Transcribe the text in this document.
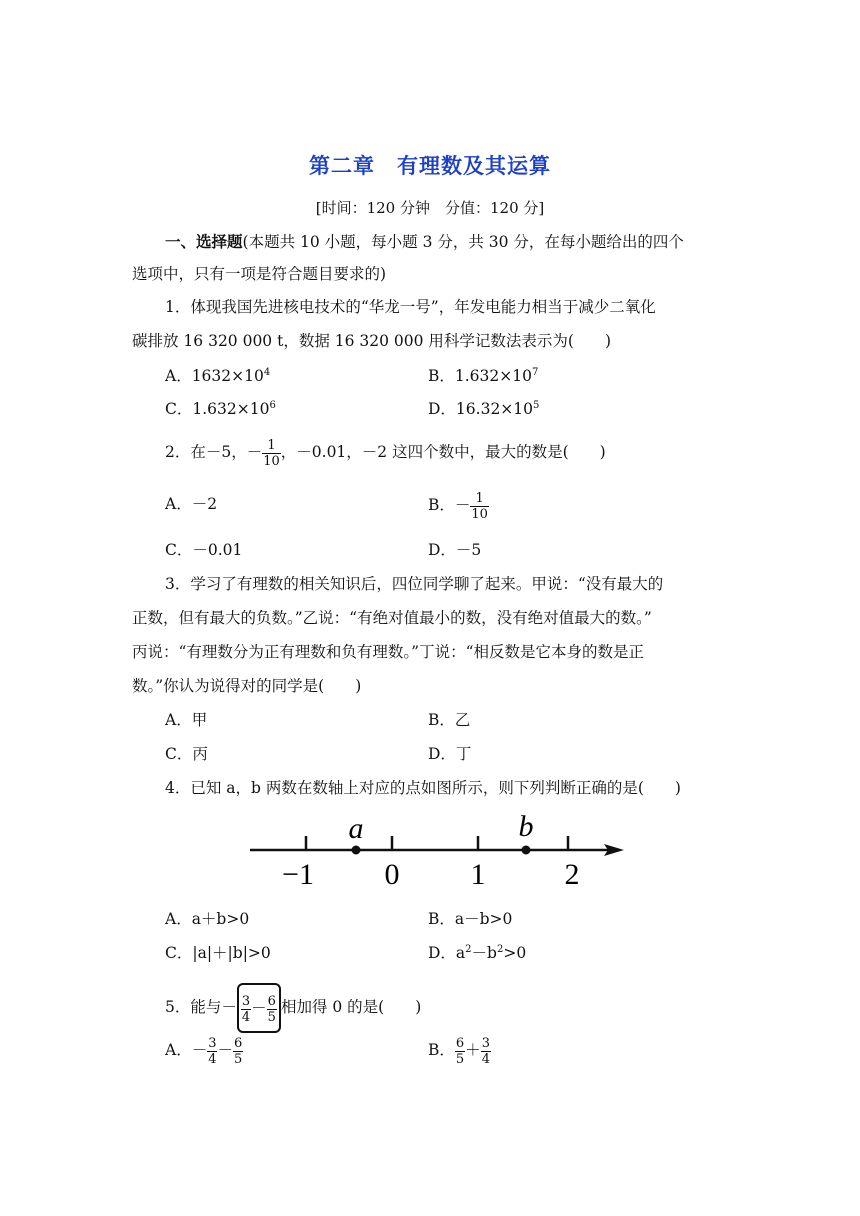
第二章　有理数及其运算
[时间：120 分钟　分值：120 分]
一、选择题(本题共 10 小题，每小题 3 分，共 30 分，在每小题给出的四个
选项中，只有一项是符合题目要求的)
1．体现我国先进核电技术的“华龙一号”，年发电能力相当于减少二氧化
碳排放 16 320 000 t，数据 16 320 000 用科学记数法表示为(　　)
A．$1632\times 10^4$	B．$1.632\times 10^7$
C．$1.632\times 10^6$	D．$16.32\times 10^5$
2．在－5，－ $\frac{1}{10}$ ，－0.01，－2 这四个数中，最大的数是(　　)
A．－2	B．－ $\frac{1}{10}$
C．－0.01	D．－5
3．学习了有理数的相关知识后，四位同学聊了起来。甲说：“没有最大的
正数，但有最大的负数。”乙说：“有绝对值最小的数，没有绝对值最大的数。”
丙说：“有理数分为正有理数和负有理数。”丁说：“相反数是它本身的数是正
数。”你认为说得对的同学是(　　)
A．甲	B．乙
C．丙	D．丁
4．已知 a，b 两数在数轴上对应的点如图所示，则下列判断正确的是(　　)
a	b
−1 0 1	2
A．a＋b>0	B．a－b>0
C．|a|＋|b|>0	D．$a^2-b^2>0$
5．能与－ $\frac{3}{4} - \frac{6}{5}$ 相加得 0 的是(　　)
A．－ $\frac{3}{4} - \frac{6}{5}$	B． $\frac{6}{5} + \frac{3}{4}$
